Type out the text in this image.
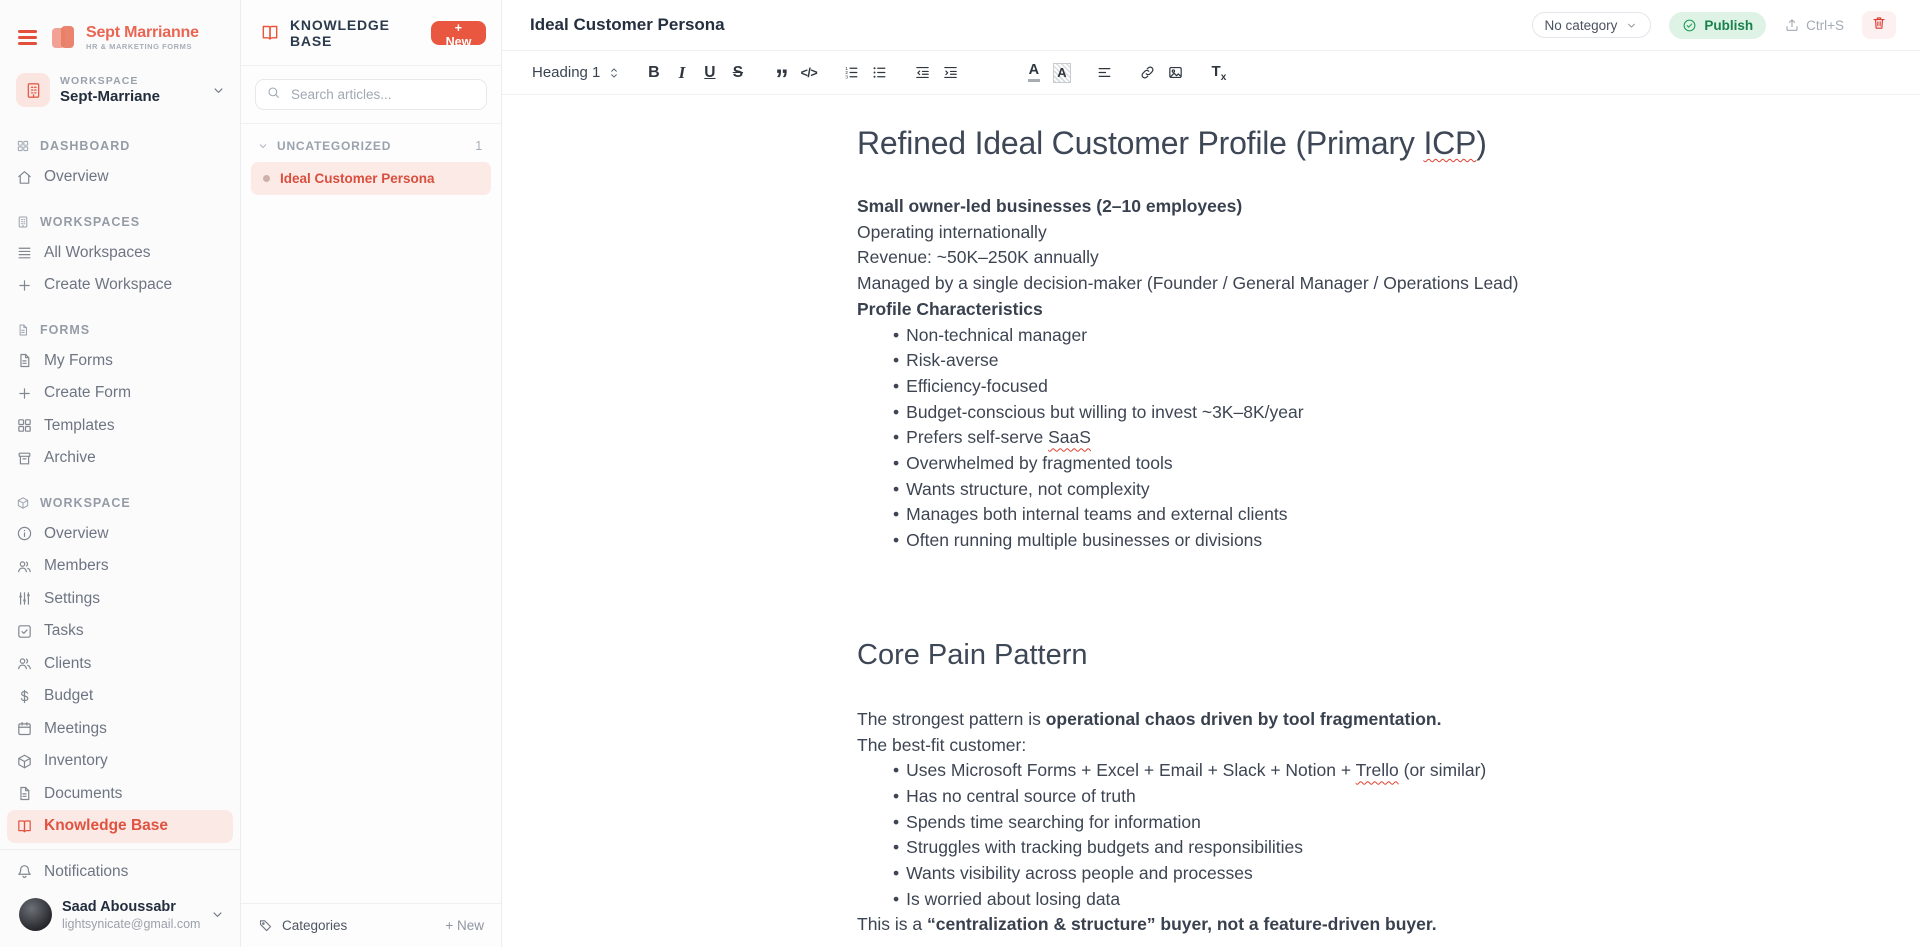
Sept Marrianne
HR & MARKETING FORMS
WORKSPACE
Sept-Marriane
DASHBOARD
Overview
WORKSPACES
All Workspaces
Create Workspace
FORMS
My Forms
Create Form
Templates
Archive
WORKSPACE
Overview
Members
Settings
Tasks
Clients
Budget
Meetings
Inventory
Documents
Knowledge Base
Notifications
Saad Aboussabr
lightsynicate@gmail.com
KNOWLEDGE BASE
+ New
Search articles...
UNCATEGORIZED	1
Ideal Customer Persona
Categories	+ New
Ideal Customer Persona	No category	Publish	Ctrl+S
Heading 1	B I U S ” </>	1
2
3	A	A	$T_x$
Refined Ideal Customer Profile (Primary ICP)

Small owner-led businesses (2–10 employees)

Operating internationally

Revenue: ~50K–250K annually

Managed by a single decision-maker (Founder / General Manager / Operations Lead)

Profile Characteristics

• Non-technical manager
• Risk-averse
• Efficiency-focused
• Budget-conscious but willing to invest ~3K–8K/year
• Prefers self-serve SaaS
• Overwhelmed by fragmented tools
• Wants structure, not complexity
• Manages both internal teams and external clients
• Often running multiple businesses or divisions
Core Pain Pattern

The strongest pattern is operational chaos driven by tool fragmentation.

The best-fit customer:

• Uses Microsoft Forms + Excel + Email + Slack + Notion + Trello (or similar)
• Has no central source of truth
• Spends time searching for information
• Struggles with tracking budgets and responsibilities
• Wants visibility across people and processes
• Is worried about losing data

This is a “centralization & structure” buyer, not a feature-driven buyer.
